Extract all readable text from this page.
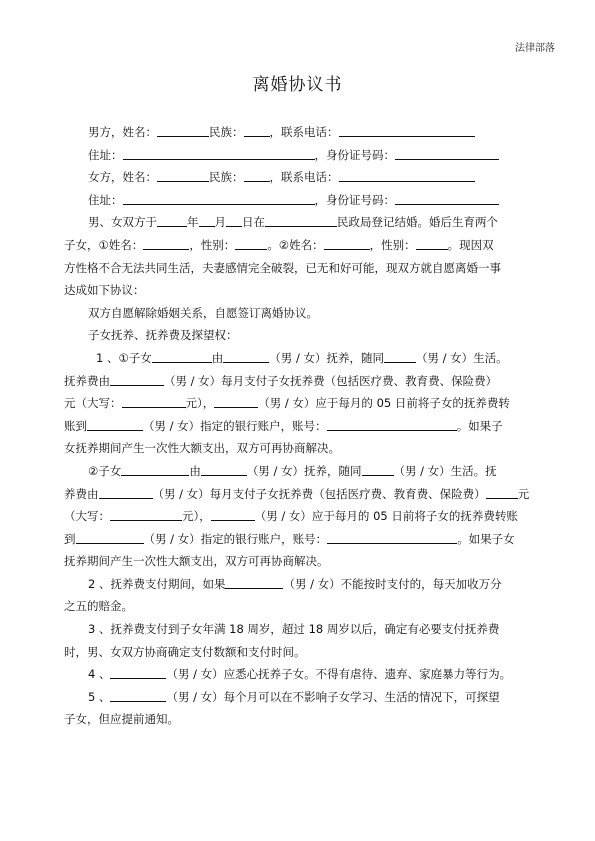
法律部落
离婚协议书
男方，姓名：	民族： ，联系电话：
住址：	，身份证号码：
女方，姓名：	民族： ，联系电话：
住址：	，身份证号码：
男、女双方于	年 月 日在	民政局登记结婚。婚后生育两个
子女，①姓名：	，性别：	。②姓名：	，性别：	。现因双
方性格不合无法共同生活，夫妻感情完全破裂，已无和好可能，现双方就自愿离婚一事
达成如下协议：
双方自愿解除婚姻关系，自愿签订离婚协议。
子女抚养、抚养费及探望权：
1 、①子女	由	（男 / 女）抚养，随同	（男 / 女）生活。
抚养费由	（男 / 女）每月支付子女抚养费（包括医疗费、教育费、保险费）
元（大写：	元），	（男 / 女）应于每月的 05 日前将子女的抚养费转
账到	（男 / 女）指定的银行账户，账号：	。如果子
女抚养期间产生一次性大额支出，双方可再协商解决。
②子女	由	（男 / 女）抚养，随同	（男 / 女）生活。抚
养费由	（男 / 女）每月支付子女抚养费（包括医疗费、教育费、保险费）	元
（大写：	元），	（男 / 女）应于每月的 05 日前将子女的抚养费转账
到	（男 / 女）指定的银行账户，账号：	。如果子女
抚养期间产生一次性大额支出，双方可再协商解决。
2 、抚养费支付期间，如果	（男 / 女）不能按时支付的，每天加收万分
之五的赔金。
3 、抚养费支付到子女年满 18 周岁，超过 18 周岁以后，确定有必要支付抚养费
时，男、女双方协商确定支付数额和支付时间。
4 、	（男 / 女）应悉心抚养子女。不得有虐待、遗弃、家庭暴力等行为。
5 、	（男 / 女）每个月可以在不影响子女学习、生活的情况下，可探望
子女，但应提前通知。
